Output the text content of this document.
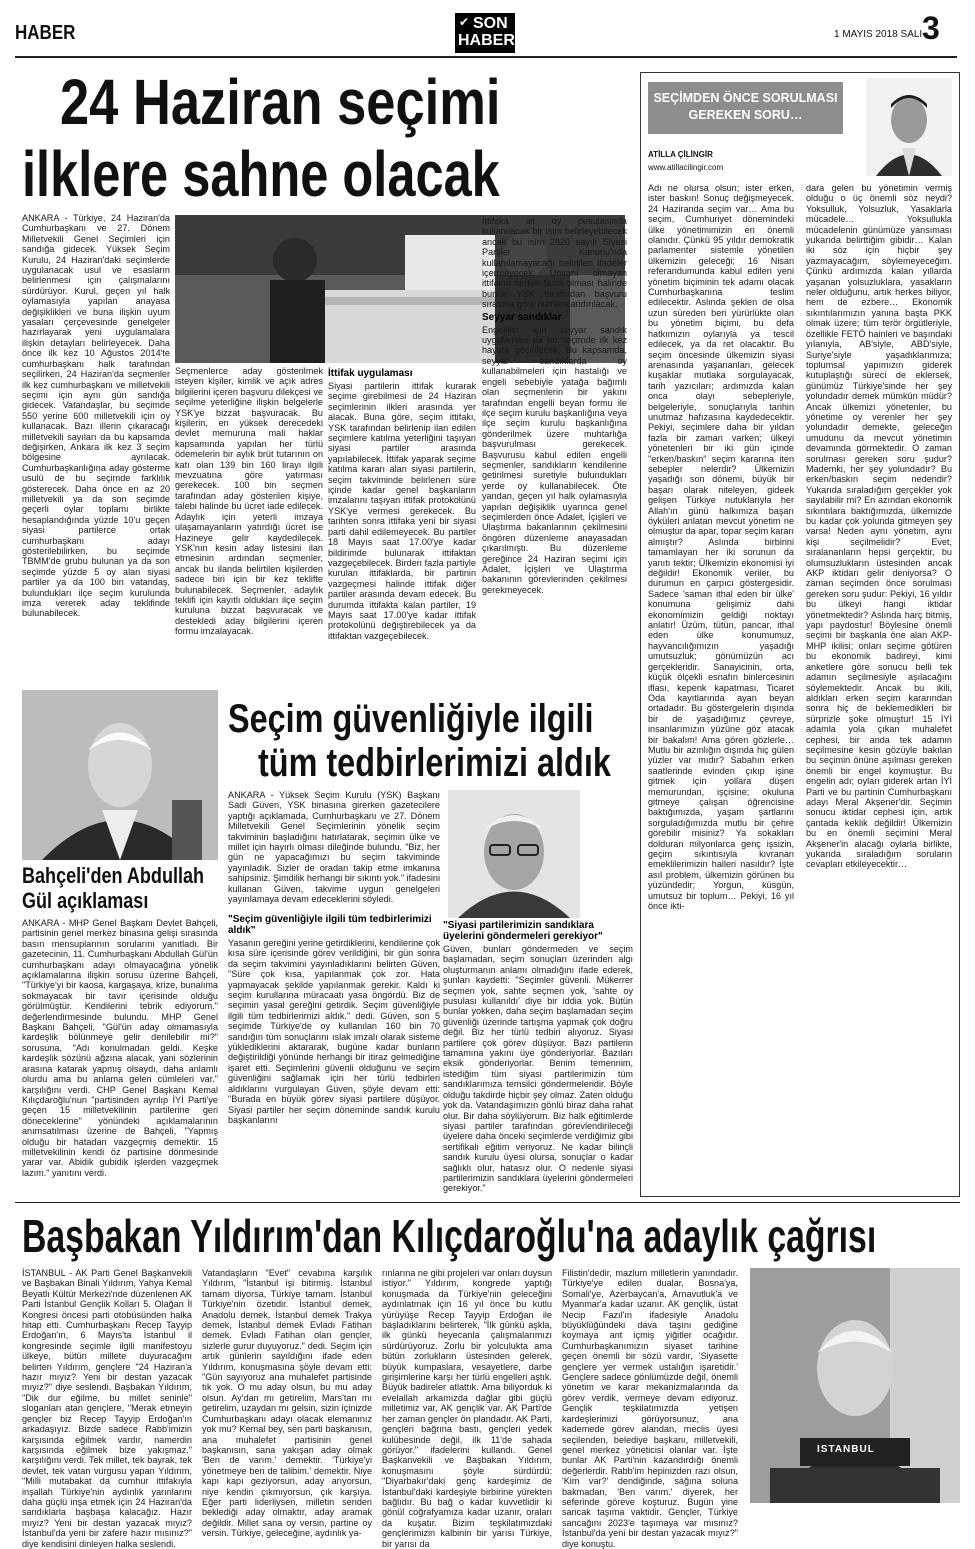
HABER	✔ SON
HABER	1 MAYIS 2018 SALI 3
24 Haziran seçimi
ilklere sahne olacak
ANKARA - Türkiye, 24 Haziran'da Cumhurbaşkanı ve 27. Dönem Milletvekili Genel Seçimleri için sandığa gidecek. Yüksek Seçim Kurulu, 24 Haziran'daki seçimlerde uygulanacak usul ve esasların belirlenmesi için çalışmalarını sürdürüyor. Kurul, geçen yıl halk oylamasıyla yapılan anayasa değişiklikleri ve buna ilişkin uyum yasaları çerçevesinde genelgeler hazırlayarak yeni uygulamalara ilişkin detayları belirleyecek. Daha önce ilk kez 10 Ağustos 2014'te cumhurbaşkanı halk tarafından seçilirken, 24 Haziran'da seçmenler ilk kez cumhurbaşkanı ve milletvekili seçimi için aynı gün sandığa gidecek. Vatandaşlar, bu seçimde 550 yerine 600 milletvekili için oy kullanacak. Bazı illerin çıkaracağı milletvekili sayıları da bu kapsamda değişirken, Ankara ilk kez 3 seçim bölgesine ayrılacak. Cumhurbaşkanlığına aday gösterme usulü de bu seçimde farklılık gösterecek. Daha önce en az 20 milletvekili ya da son seçimde geçerli oylar toplamı birlikte hesaplandığında yüzde 10'u geçen siyasi partilerce ortak cumhurbaşkanı adayı gösterilebilirken, bu seçimde TBMM'de grubu bulunan ya da son seçimde yüzde 5 oy alan siyasi partiler ya da 100 bin vatandaş, bulundukları ilçe seçim kurulunda imza vererek aday teklifinde bulunabilecek.
Seçmenlerce aday gösterilmek isteyen kişiler, kimlik ve açık adres bilgilerini içeren başvuru dilekçesi ve seçilme yeterliğine ilişkin belgelerle YSK'ye bizzat başvuracak. Bu kişilerin, en yüksek derecedeki devlet memuruna mali haklar kapsamında yapılan her türlü ödemelerin bir aylık brüt tutarının on katı olan 139 bin 160 lirayı ilgili mevzuatına göre yatırması gerekecek. 100 bin seçmen tarafından aday gösterilen kişiye, talebi halinde bu ücret iade edilecek. Adaylık için yeterli imzaya ulaşamayanların yatırdığı ücret ise Hazineye gelir kaydedilecek. YSK'nın kesin aday listesini ilan etmesinin ardından seçmenler, ancak bu ilanda belirtilen kişilerden sadece biri için bir kez teklifte bulunabilecek. Seçmenler, adaylık teklifi için kayıtlı oldukları ilçe seçim kuruluna bizzat başvuracak ve destekledi aday bilgilerini içeren formu imzalayacak.
İttifak uygulaması
Siyasi partilerin ittifak kurarak seçime girebilmesi de 24 Haziran seçimlerinin ilkleri arasında yer alacak. Buna göre, seçim ittifakı, YSK tarafından belirlenip ilan edilen seçimlere katılma yeterliğini taşıyan siyasi partiler arasında yapılabilecek. İttifak yaparak seçime katılma kararı alan siyasi partilerin, seçim takviminde belirlenen süre içinde kadar genel başkanların imzalarını taşıyan ittifak protokolünü YSK'ye vermesi gerekecek. Bu tarihten sonra ittifaka yeni bir siyasi parti dahil edilemeyecek. Bu partiler 18 Mayıs saat 17.00'ye kadar bildirimde bulunarak ittifaktan vazgeçebilecek. Birden fazla partiyle kurulan ittifaklarda, bir partinin vazgeçmesi halinde ittifak diğer partiler arasında devam edecek. Bu durumda ittifakta kalan partiler, 19 Mayıs saat 17.00'ye kadar ittifak protokolünü değiştirebilecek ya da ittifaktan vazgeçebilecek.
İttifaka ait oy pusulasında kullanılacak bir isim belirleyebilecek ancak bu isim 2820 sayılı Siyasi Partiler Kanunu'nda kullanılamayacağı belirtilen ifadeler içermeyecek. Unvanı olmayan ittifakın birden fazla olması halinde bunlar YSK tarafından başvuru sırasına göre numaralandırılacak.
Seyyar sandıklar
Engelliler için seyyar sandık uygulaması da bu seçimde ilk kez hayata geçirilecek. Bu kapsamda, seyyar sandıklarda oy kullanabilmeleri için hastalığı ve engeli sebebiyle yatağa bağımlı olan seçmenlerin bir yakını tarafından engelli beyan formu ile ilçe seçim kurulu başkanlığına veya ilçe seçim kurulu başkanlığına gönderilmek üzere muhtarlığa başvurulması gerekecek. Başvurusu kabul edilen engelli seçmenler, sandıkların kendilerine getirilmesi suretiyle bulundukları yerde oy kullanabilecek. Öte yandan, geçen yıl halk oylamasıyla yapılan değişiklik uyarınca genel seçimlerden önce Adalet, İçişleri ve Ulaştırma bakanlarının çekilmesini öngören düzenleme anayasadan çıkarılmıştı. Bu düzenleme gereğince 24 Haziran seçimi için Adalet, İçişleri ve Ulaştırma bakanının görevlerinden çekilmesi gerekmeyecek.
SEÇİMDEN ÖNCE SORULMASI
GEREKEN SORU…
ATİLLA ÇİLİNGİR
www.atillacilingir.com
Adı ne olursa olsun; ister erken, ister baskın! Sonuç değişmeyecek. 24 Haziranda seçim var… Ama bu seçim, Cumhuriyet dönemindeki ülke yönetimimizin en önemli olanıdır. Çünkü 95 yıldır demokratik parlamenter sistemle yönetilen ülkemizin geleceği; 16 Nisan referandumunda kabul edilen yeni yönetim biçiminin tek adamı olacak Cumhurbaşkanına teslim edilecektir. Aslında şeklen de olsa uzun süreden beri yürürlükte olan bu yönetim biçimi, bu defa hatkımızın oylarıyla ya tescil edilecek, ya da ret olacaktır. Bu seçim öncesinde ülkemizin siyasi arenasında yaşananları, gelecek kuşaklar mutlaka sorgulayacak, tarih yazıcıları; ardımızda kalan onca olayı sebepleriyle, belgeleriyle, sonuçlarıyla tarihin unutmaz hafızasına kaydedecektir. Pekiyi, seçimlere daha bir yıldan fazla bir zaman varken; ülkeyi yönetenleri bir iki gün içinde "erken/baskın" seçim kararına iten sebepler nelerdir? Ülkemizin yaşadığı son dönemi, büyük bir başarı olarak niteleyen, gideek gelişen Türkiye nutuklarıyla her Allah'ın günü halkımıza başarı öyküleri anlatan mevcut yönetim ne olmuştur da apar, topar seçim kararı almıştır? Aslında birbirini tamamlayan her iki sorunun da yanıtı tektir; Ülkemizin ekonomisi iyi değildir! Ekonomik veriler, bu durumun en çarpıcı göstergesidir. Sadece 'saman ithal eden bir ülke' konumuna gelişimiz dahi ekonomimizin geldiği noktayı anlatır! Üzüm, tütün, pancar, ithal eden ülke konumumuz, hayvancılığımızın yaşadığı umutsuzluk; gönümüzün acı gerçekleridir. Sanayicinin, orta, küçük ölçekli esnafın binlercesinin iflası, kepenk kapatması, Ticaret Oda kayıtlarında ayan beyan ortadadır. Bu göstergelerin dışında bir de yaşadığımız çevreye, insanlarımızın yüzüne göz atacak bir bakalım! Ama gören gözlerle… Mutlu bir azınlığın dışında hiç gülen yüzler var mıdır? Sabahın erken saatlerinde evinden çıkıp işine gitmek için yollara düşen memurundan, işçisine; okuluna gitmeye çalışan öğrencisine baktığımızda, yaşam şartlarını sorguladığımızda mutlu bir çehre görebilir misiniz? Ya sokakları dolduran milyonlarca genç işsizin, geçim sıkıntısıyla kıvranan emeklilerimizin halleri nasıldır? İşte asıl problem, ülkemizin görünen bu yüzündedir; Yorgun, küsgün, umutsuz bir toplum… Pekiyi, 16 yıl önce ikti-
dara gelen bu yönetimin vermiş olduğu o üç önemli söz neydi? Yoksulluk, Yolsuzluk, Yasaklarla mücadele… Yoksullukla mücadelenin günümüze yansıması yukarıda belirttiğim gibidir… Kalan iki söz için hiçbir şey yazmayacağım, söylemeyeceğim. Çünkü ardımızda kalan yıllarda yaşanan yolsuzluklara, yasakların neler olduğunu, artık herkes biliyor, hem de ezbere… Ekonomik sıkıntılarımızın yanına başta PKK olmak üzere; tüm terör örgütleriyle, özellikle FETÖ hainleri ve başındaki yılanıyla, AB'siyle, ABD'siyle, Suriye'siyle yaşadıklarımıza; toplumsal yapımızın giderek kutuplaştığı süreci de eklersek, günümüz Türkiye'sinde her şey yolundadır demek mümkün müdür? Ancak ülkemizi yönetenler, bu yönetime oy verenler her şey yolundadır demekte, geleceğin umudunu da mevcut yönetimin devamında görmektedir. O zaman sorulması gereken soru şudur? Mademki, her şey yolundadır? Bu erken/baskın seçim nedendir? Yukarıda sıraladığım gerçekler yok sayılabilir mi? En azından ekonomik sıkıntılara baktığımızda, ülkemizde bu kadar çok yolunda gitmeyen şey varsa! Neden aynı yönetim, aynı kişi seçilmelidir? Evet, sıralananların hepsi gerçektir, bu olumsuzlukların üstesinden ancak AKP iktidarı gelir deniyorsa? O zaman seçimden önce sorulması gereken soru şudur: Pekiyi, 16 yıldır bu ülkeyi hangi iktidar yönetmektedir? Aslında harç bitmiş, yapı paydostur! Böylesine önemli seçimi bir başkanla öne alan AKP-MHP ikilisi; onları seçime götüren bu ekonomik badireyi, kimi anketlere göre sonucu belli tek adamın seçilmesiyle aşılacağını söylemektedir. Ancak bu ikili, aldıkları erken seçim kararından sonra hiç de beklemedikleri bir sürprizle şoke olmuştur! 15 İYİ adamla yola çıkan muhalefet cephesi, bir anda tek adamın seçilmesine kesin gözüyle bakılan bu seçimin önüne aşılması gereken önemli bir engel koymuştur. Bu engelin adı; oyları giderek artan İYİ Parti ve bu partinin Cumhurbaşkanı adayı Meral Akşener'dir. Seçimin sonucu iktidar cephesi için, artık çantada keklik değildir! Ülkemizin bu en önemli seçimini Meral Akşener'in alacağı oylarla birlikte, yukarıda sıraladığım soruların cevapları etkileyecektir…
Seçim güvenliğiyle ilgili
tüm tedbirlerimizi aldık
ANKARA - Yüksek Seçim Kurulu (YSK) Başkanı Sadi Güven, YSK binasına girerken gazetecilere yaptığı açıklamada, Cumhurbaşkanı ve 27. Dönem Milletvekili Genel Seçimlerinin yönelik seçim takviminin başladığını hatırlatarak, seçimin ülke ve millet için hayırlı olması dileğinde bulundu. "Biz, her gün ne yapacağımızı bu seçim takviminde yayınladık. Sizler de oradan takip etme imkanına sahipsiniz. Şimdilik herhangi bir sıkıntı yok." ifadesini kullanan Güven, takvime uygun genelgeleri yayınlamaya devam edeceklerini söyledi.
"Seçim güvenliğiyle ilgili tüm tedbirlerimizi aldık"
Yasanın gereğini yerine getirdiklerini, kendilerine çok kısa süre içerisinde görev verildiğini, bir gün sonra da seçim takvimini yayınladıklarını belirten Güven, "Süre çok kısa, yapılanmak çok zor. Hata yapmayacak şekilde yapılanmak gerekir. Kaldı ki seçim kurullarına müracaatı yasa öngördü. Biz de seçimin yasal gereğini getirdik. Seçim güvenliğiyle ilgili tüm tedbirlerimizi aldık." dedi. Güven, son 5 seçimde Türkiye'de oy kullanılan 160 bin 70 sandığın tüm sonuçlarını ıslak imzalı olarak sisteme yüklediklerini aktararak, bugüne kadar bunların değiştirildiği yönünde herhangi bir itiraz gelmediğine işaret etti. Seçimlerini güvenli olduğunu ve seçim güvenliğini sağlamak için her türlü tedbirleri aldıklarını vurgulayan Güven, şöyle devam etti: "Burada en büyük görev siyasi partilere düşüyor. Siyasi partiler her seçim döneminde sandık kurulu başkanlarını
"Siyasi partilerimizin sandıklara üyelerini göndermeleri gerekiyor"
Güven, bunları göndermeden ve seçim başlamadan, seçim sonuçları üzerinden algı oluşturmanın anlamı olmadığını ifade ederek, şunları kaydetti: "Seçimler güvenli. Mükerrer seçmen yok, sahte seçmen yok, 'sahte oy pusulası kullanıldı' diye bir iddia yok. Bütün bunlar yokken, daha seçim başlamadan seçim güvenliği üzerinde tartışma yapmak çok doğru değil. Biz her türlü tedbiri alıyoruz. Siyasi partilere çok görev düşüyor. Bazı partilerin tamamına yakını üye gönderiyorlar. Bazıları eksik gönderiyorlar. Benim temennim, istediğim tüm siyasi partilerimizin tüm sandıklarımıza temsilci göndermeleridir. Böyle olduğu takdirde hiçbir şey olmaz. Zaten olduğu yok da. Vatandaşımızın gönlü biraz daha rahat olur. Bir daha söylüyorum. Biz halk eğitimlerde siyasi partiler tarafından görevlendirileceği üyelere daha önceki seçimlerde verdiğimiz gibi sertifikalı eğitim veriyoruz. Ne kadar bilinçli sandık kurulu üyesi olursa, sonuçlar o kadar sağlıklı olur, hatasız olur. O nedenle siyasi partilerimizin sandıklara üyelerini göndermeleri gerekiyor."
Bahçeli'den Abdullah
Gül açıklaması
ANKARA - MHP Genel Başkanı Devlet Bahçeli, partisinin genel merkez binasına gelişi sırasında basın mensuplarının sorularını yanıtladı. Bir gazetecinin, 11. Cumhurbaşkanı Abdullah Gül'ün cumhurbaşkanı adayı olmayacağına yönelik açıklamalarına ilişkin sorusu üzerine Bahçeli, "Türkiye'yi bir kaosa, kargaşaya, krize, bunalıma sokmayacak bir tavır içerisinde olduğu görülmüştür. Kendilerini tebrik ediyorum." değerlendirmesinde bulundu. MHP Genel Başkanı Bahçeli, "Gül'ün aday olmamasıyla kardeşlik bölünmeye gelir denilebilir mi?" sorusuna, "Adı konulmadan geldi. Keşke kardeşlik sözünü ağzına alacak, yani sözlerinin arasına katarak yapmış olsaydı, daha anlamlı olurdu ama bu anlama gelen cümleleri var." karşılığını verdi. CHP Genel Başkanı Kemal Kılıçdaroğlu'nun "partisinden ayrılıp İYİ Parti'ye geçen 15 milletvekilinin partilerine geri döneceklerine" yönündeki açıklamalarının anımsatılması üzerine de Bahçeli, "Yapmış olduğu bir hatadan vazgeçmiş demektir. 15 milletvekilinin kendi öz partisine dönmesinde yarar var. Abidik gubidik işlerden vazgeçmek lazım." yanıtını verdi.
Başbakan Yıldırım'dan Kılıçdaroğlu'na adaylık çağrısı
İSTANBUL - AK Parti Genel Başkanvekili ve Başbakan Binali Yıldırım, Yahya Kemal Beyatlı Kültür Merkezi'nde düzenlenen AK Parti İstanbul Gençlik Kolları 5. Olağan İl Kongresi öncesi parti otobüsünden halka hitap etti. Cumhurbaşkanı Recep Tayyip Erdoğan'ın, 6 Mayıs'ta İstanbul il kongresinde seçimle ilgili manifestoyu ülkeye, bütün millete duyuracağını belirten Yıldırım, gençlere "24 Haziran'a hazır mıyız? Yeni bir destan yazacak mıyız?" diye seslendi. Başbakan Yıldırım, "Dik dur eğilme, bu millet seninle" sloganları atan gençlere, "Merak etmeyin gençler biz Recep Tayyip Erdoğan'ın arkadaşıyız. Bizde sadece Rabb'imizin karşısında eğilmek vardır, namerdin karşısında eğilmek bize yakışmaz." karşılığını verdi. Tek millet, tek bayrak, tek devlet, tek vatan vurgusu yapan Yıldırım, "Milli mutabakat da cumhur ittifakıyla inşallah Türkiye'nin aydınlık yarınlarını daha güçlü inşa etmek için 24 Haziran'da sandıklarla başbaşa kalacağız. Hazır mıyız? Yeni bir destan yazacak mıyız? İstanbul'da yeni bir zafere hazır mısınız?" diye kendisini dinleyen halka seslendi.
Vatandaşların "Evet" cevabına karşılık Yıldırım, "İstanbul işi bitirmiş. İstanbul tamam diyorsa, Türkiye tamam. İstanbul Türkiye'nin özetidir. İstanbul demek, Anadolu demek, İstanbul demek Trakya demek, İstanbul demek Evladı Fatihan demek. Evladı Fatihan olan gençler, sizlerle gurur duyuyoruz." dedi. Seçim için artık günlerin sayıldığını ifade eden Yıldırım, konuşmasına şöyle devam etti: "Gün sayıyoruz ana muhalefet partisinde tık yok. O mu aday olsun, bu mu aday olsun. Ay'dan mı getirelim, Mars'tan mı getirelim, uzaydan mı gelsin, sizin içinizde Cumhurbaşkanı adayı olacak elemanınız yok mu? Kemal bey, sen parti başkanısın, ana muhalefet partisinin genel başkanısın, sana yakışan aday olmak 'Ben de varım.' demektir. 'Türkiye'yi yönetmeye ben de talibim.' demektir. Niye kapı kapı geziyorsun, aday arıyorsun, niye kendin çıkmıyorsun, çık karşıya. Eğer parti liderliysen, milletin senden beklediği aday olmaktır, aday aramak değildir. Millet sana oy versin, partine oy versin. Türkiye, geleceğine, aydınlık ya-
rınlarına ne gibi projeleri var onları duysun istiyor." Yıldırım, kongrede yaptığı konuşmada da Türkiye'nin geleceğini aydınlatmak için 16 yıl önce bu kutlu yürüyüşe Recep Tayyip Erdoğan ile başladıklarını belirterek, "İlk günkü aşkla, ilk günkü heyecanla çalışmalarımızı sürdürüyoruz. Zorlu bir yolculukta ama bütün zorlukların üstesinden gelerek, büyük kumpaslara, vesayetlere, darbe girişimlerine karşı her türlü engelleri aştık. Büyük badireler atlattık. Ama biliyorduk ki evelallah arkamızda dağlar gibi güçlü milletimiz var, AK gençlik var. AK Parti'de her zaman gençler ön plandadır. AK Parti, gençleri bağrına bastı, gençleri yedek kulübesinde değil, ilk 11'de sahada görüyor." ifadelerini kullandı. Genel Başkanvekili ve Başbakan Yıldırım, konuşmasını şöyle sürdürdü: "Diyarbakır'daki genç kardeşimiz de İstanbul'daki kardeşiyle birbirine yürekten bağlıdır. Bu bağ o kadar kuvvetlidir ki gönül coğrafyamıza kadar uzanır, oraları da kuşatır. Bizim teşkilatımızdaki gençlerimizin kalbinin bir yarısı Türkiye, bir yarısı da
Filistin'dedir, mazlum milletlerin yanındadır. Türkiye'ye edilen dualar, Bosna'ya, Somali'ye, Azerbaycan'a, Arnavutluk'a ve Myanmar'a kadar uzanır. AK gençlik, üstat Necip Fazıl'ın ifadesiyle Anadolu büyüklüğündeki dava taşını gediğine koymaya ant içmiş yiğitler ocağıdır. Cumhurbaşkanımızın siyaset tarihine geçen önemli bir sözü vardır, 'Siyasette gençlere yer vermek ustalığın işaretidir.' Gençlere sadece gönlümüzde değil, önemli yönetim ve karar mekanizmalarında da görev verdik, vermeye devam ediyoruz. Gençlik teşkilatımızda yetişen kardeşlerimizi görüyorsunuz, ana kademede görev alandan, meclis üyesi seçilenden, belediye başkanı, milletvekili, genel merkez yöneticisi olanlar var. İşte bunlar AK Parti'nin kazandırdığı önemli değerlerdir. Rabb'im hepinizden razı olsun, 'Kim var?' dendiğinde, sağına soluna bakmadan, 'Ben varım.' diyerek, her seferinde göreve koşturuz. Bugün yine sancak taşıma vaktidir. Gençler, Türkiye sancağını 2023'e taşımaya var mısınız? İstanbul'da yeni bir destan yazacak mıyız?" diye konuştu.
ISTANBUL
